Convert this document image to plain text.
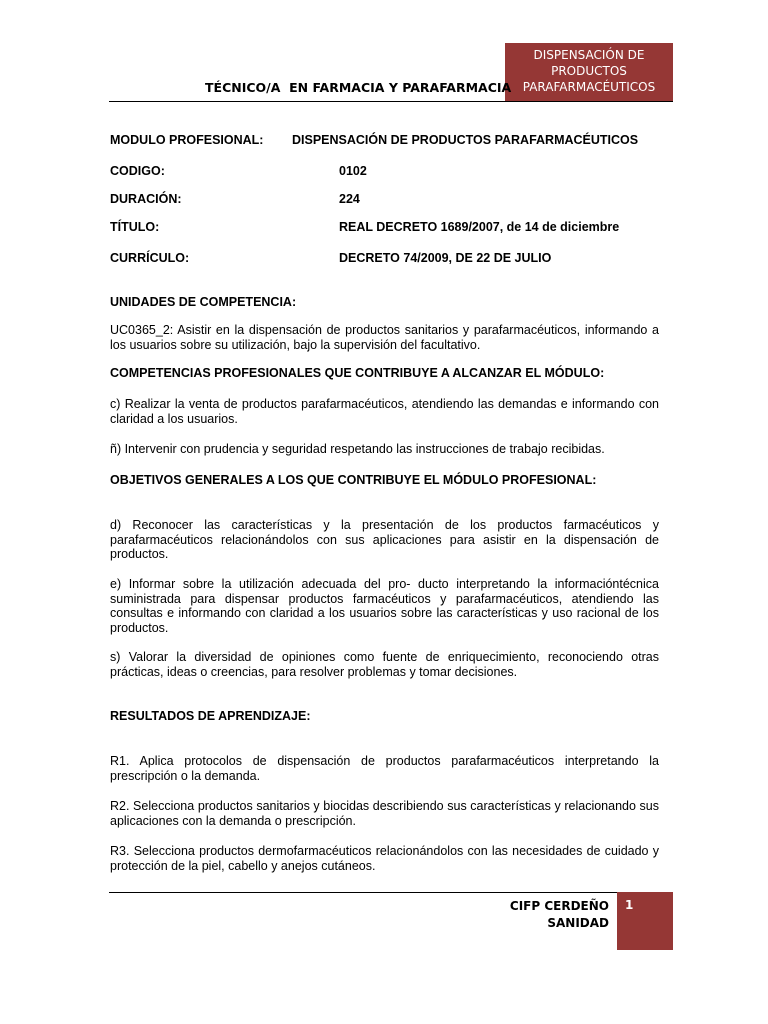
DISPENSACIÓN DE
PRODUCTOS
PARAFARMACÉUTICOS
TÉCNICO/A  EN FARMACIA Y PARAFARMACIA
MODULO PROFESIONAL: DISPENSACIÓN DE PRODUCTOS PARAFARMACÉUTICOS
CODIGO:	0102
DURACIÓN:	224
TÍTULO:	REAL DECRETO 1689/2007, de 14 de diciembre
CURRÍCULO:	DECRETO 74/2009, DE 22 DE JULIO
UNIDADES DE COMPETENCIA:
UC0365_2: Asistir en la dispensación de productos sanitarios y parafarmacéuticos, informando a los usuarios sobre su utilización, bajo la supervisión del facultativo.
COMPETENCIAS PROFESIONALES QUE CONTRIBUYE A ALCANZAR EL MÓDULO:
c) Realizar la venta de productos parafarmacéuticos, atendiendo las demandas e informando con claridad a los usuarios.
ñ) Intervenir con prudencia y seguridad respetando las instrucciones de trabajo recibidas.
OBJETIVOS GENERALES A LOS QUE CONTRIBUYE EL MÓDULO PROFESIONAL:
d) Reconocer las características y la presentación de los productos farmacéuticos y parafarmacéuticos relacionándolos con sus aplicaciones para asistir en la dispensación de productos.
e) Informar sobre la utilización adecuada del pro- ducto interpretando la informacióntécnica suministrada para dispensar productos farmacéuticos y parafarmacéuticos, atendiendo las consultas e informando con claridad a los usuarios sobre las características y uso racional de los productos.
s) Valorar la diversidad de opiniones como fuente de enriquecimiento, reconociendo otras prácticas, ideas o creencias, para resolver problemas y tomar decisiones.
RESULTADOS DE APRENDIZAJE:
R1. Aplica protocolos de dispensación de productos parafarmacéuticos interpretando la prescripción o la demanda.
R2. Selecciona productos sanitarios y biocidas describiendo sus características y relacionando sus aplicaciones con la demanda o prescripción.
R3. Selecciona productos dermofarmacéuticos relacionándolos con las necesidades de cuidado y protección de la piel, cabello y anejos cutáneos.
CIFP CERDEÑO
SANIDAD
1
